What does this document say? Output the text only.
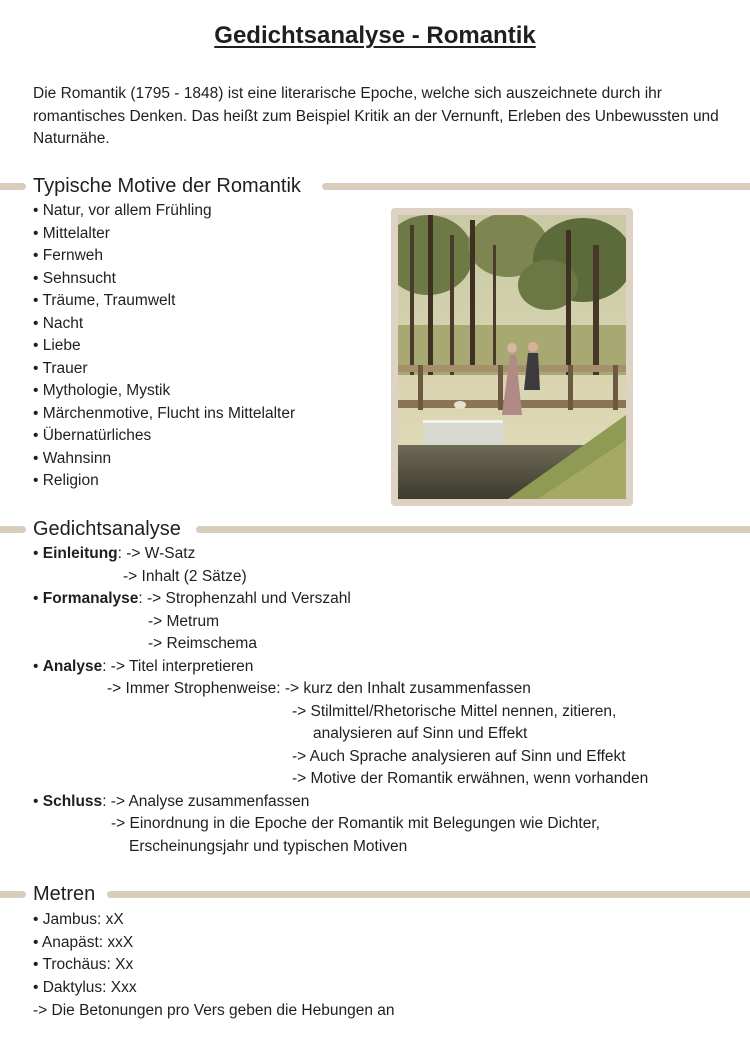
Gedichtsanalyse - Romantik

Die Romantik (1795 - 1848) ist eine literarische Epoche, welche sich auszeichnete durch ihr romantisches Denken. Das heißt zum Beispiel Kritik an der Vernunft, Erleben des Unbewussten und Naturnähe.

Typische Motive der Romantik
• Natur, vor allem Frühling
• Mittelalter
• Fernweh
• Sehnsucht
• Träume, Traumwelt
• Nacht
• Liebe
• Trauer
• Mythologie, Mystik
• Märchenmotive, Flucht ins Mittelalter
• Übernatürliches
• Wahnsinn
• Religion
Gedichtsanalyse
• Einleitung: -> W-Satz
-> Inhalt (2 Sätze)
• Formanalyse: -> Strophenzahl und Verszahl
-> Metrum
-> Reimschema
• Analyse: -> Titel interpretieren
-> Immer Strophenweise: -> kurz den Inhalt zusammenfassen
-> Stilmittel/Rhetorische Mittel nennen, zitieren,
analysieren auf Sinn und Effekt
-> Auch Sprache analysieren auf Sinn und Effekt
-> Motive der Romantik erwähnen, wenn vorhanden
• Schluss: -> Analyse zusammenfassen
-> Einordnung in die Epoche der Romantik mit Belegungen wie Dichter,
Erscheinungsjahr und typischen Motiven
Metren
• Jambus: xX
• Anapäst: xxX
• Trochäus: Xx
• Daktylus: Xxx
-> Die Betonungen pro Vers geben die Hebungen an
